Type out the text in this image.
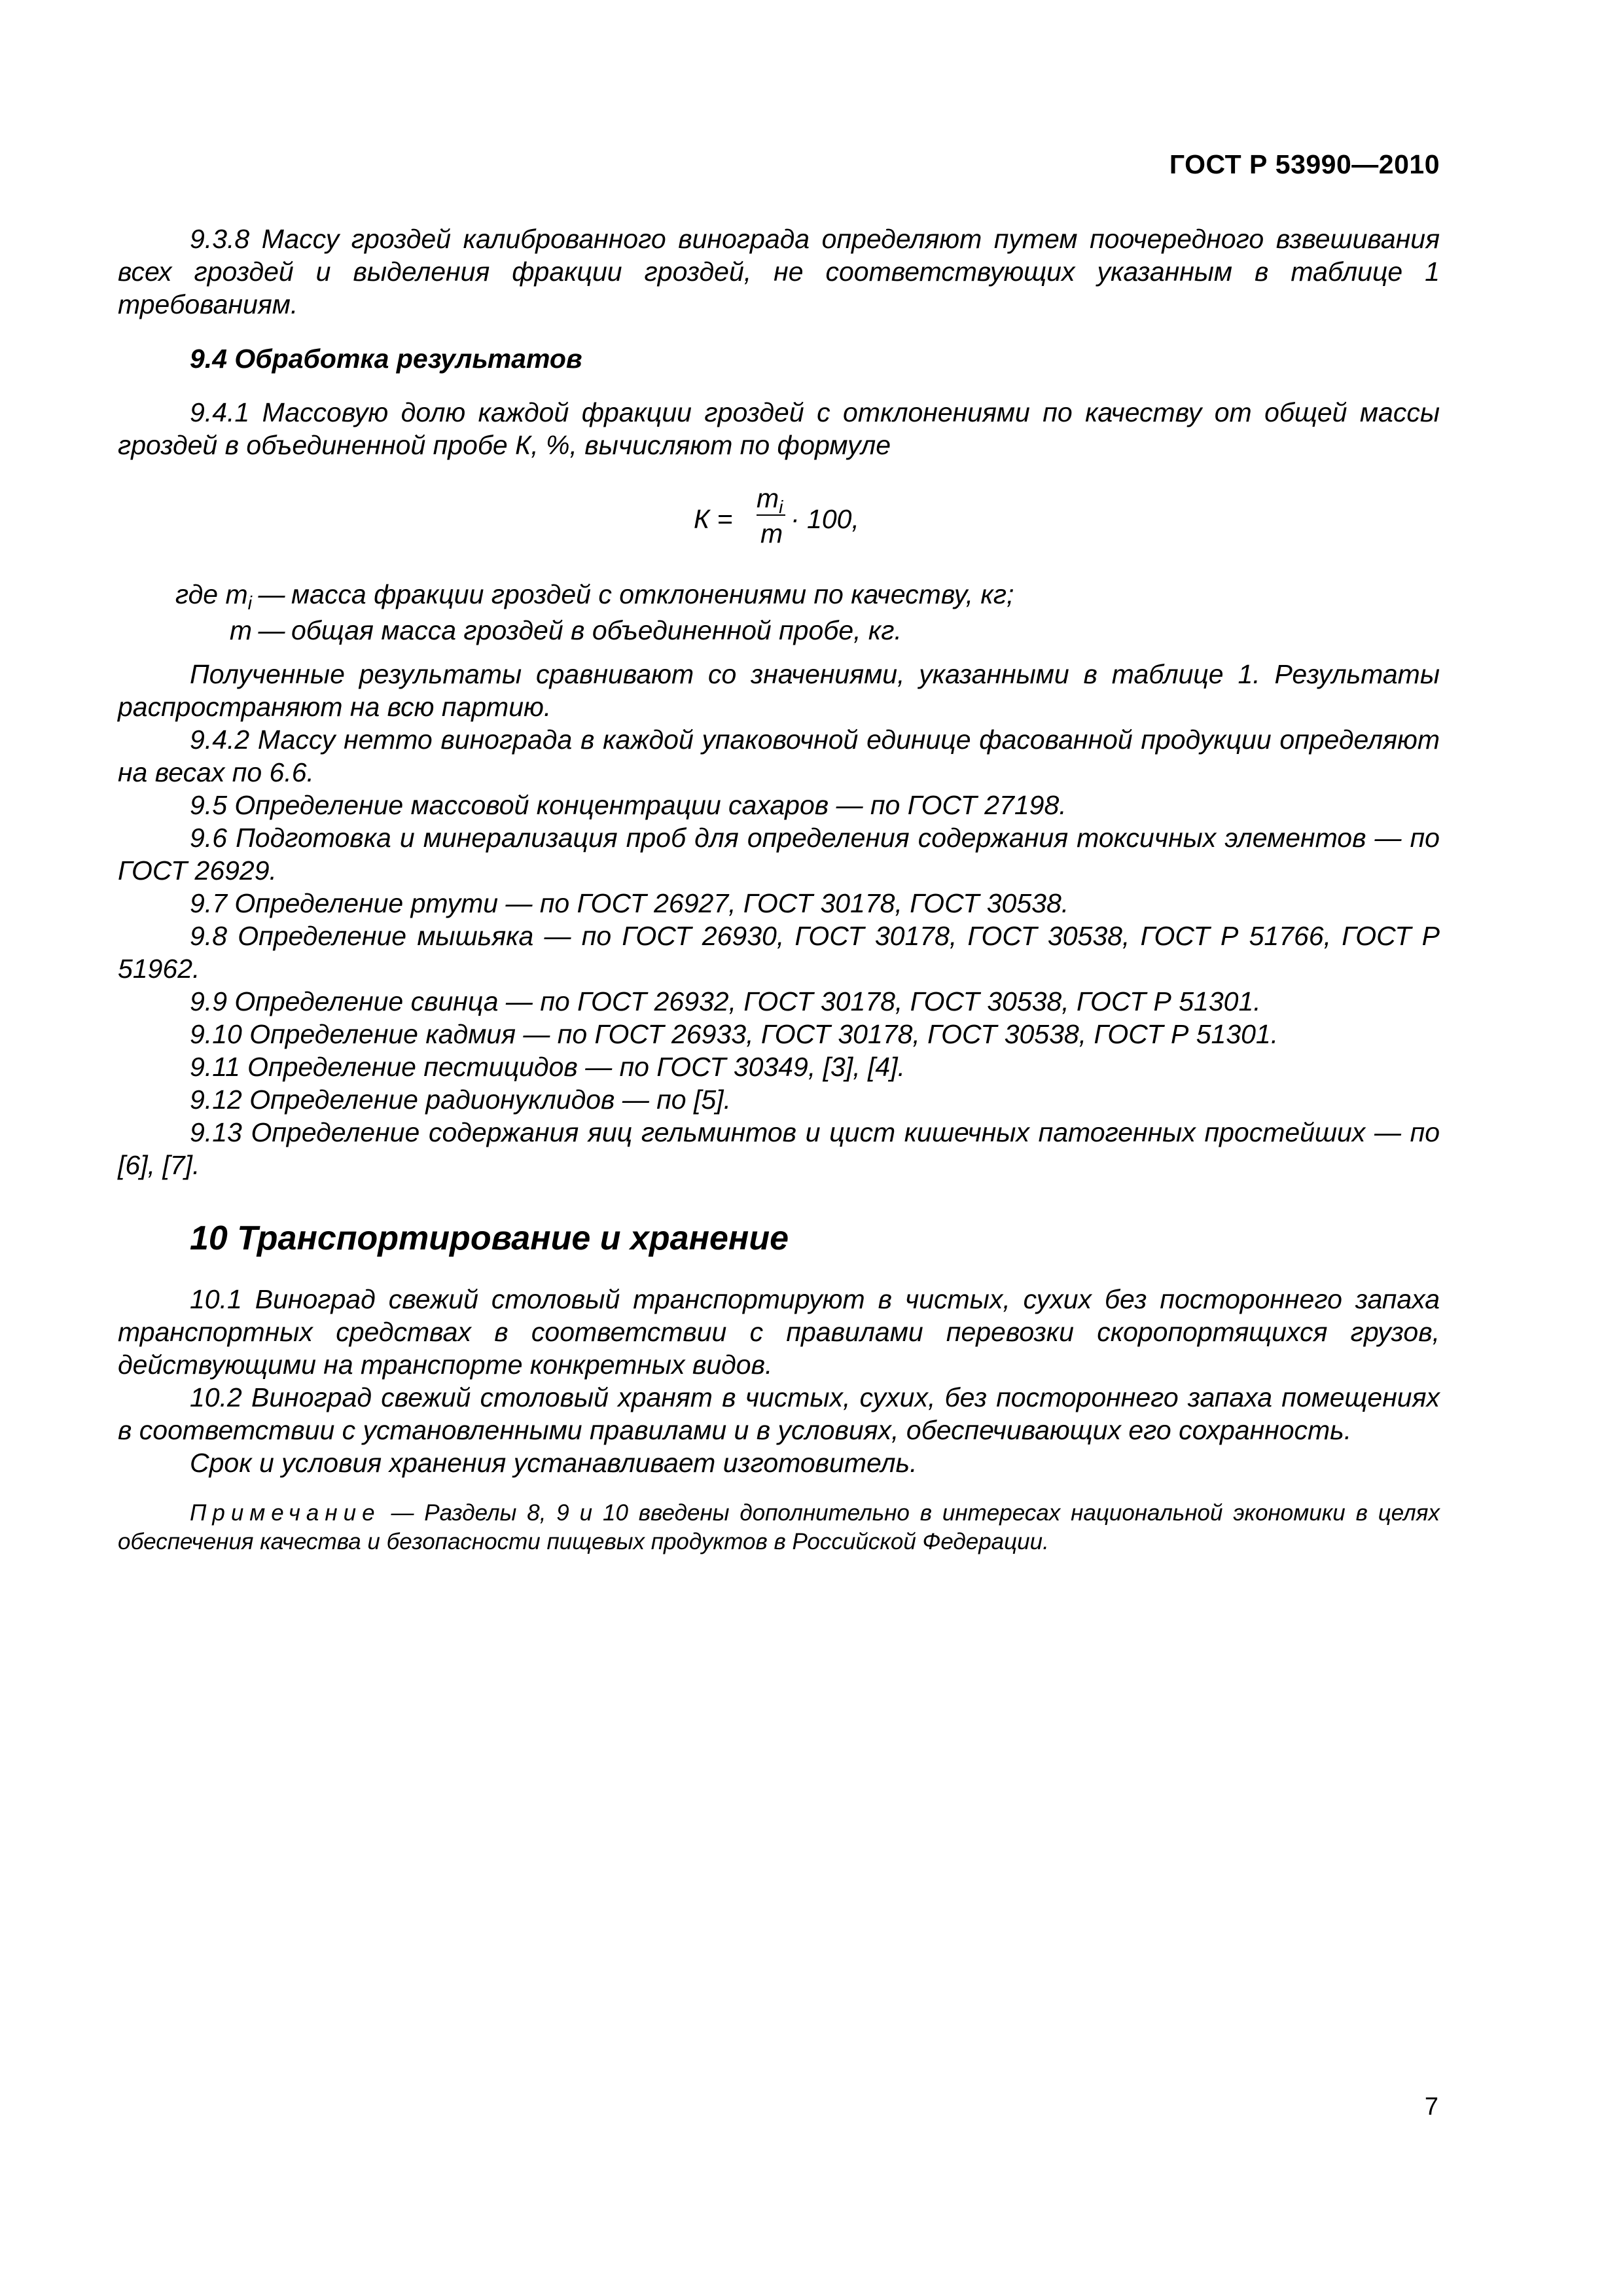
ГОСТ Р 53990—2010

9.3.8 Массу гроздей калиброванного винограда определяют путем поочередного взвешивания всех гроздей и выделения фракции гроздей, не соответствующих указанным в таблице 1 требованиям.

9.4 Обработка результатов

9.4.1 Массовую долю каждой фракции гроздей с отклонениями по качеству от общей массы гроздей в объединенной пробе К, %, вычисляют по формуле

К =
$m_i$
m · 100,
где $m_i$ — масса фракции гроздей с отклонениями по качеству, кг;
m — общая масса гроздей в объединенной пробе, кг.

Полученные результаты сравнивают со значениями, указанными в таблице 1. Результаты распространяют на всю партию.

9.4.2 Массу нетто винограда в каждой упаковочной единице фасованной продукции определяют на весах по 6.6.

9.5 Определение массовой концентрации сахаров — по ГОСТ 27198.

9.6 Подготовка и минерализация проб для определения содержания токсичных элементов — по ГОСТ 26929.

9.7 Определение ртути — по ГОСТ 26927, ГОСТ 30178, ГОСТ 30538.

9.8 Определение мышьяка — по ГОСТ 26930, ГОСТ 30178, ГОСТ 30538, ГОСТ Р 51766, ГОСТ Р 51962.

9.9 Определение свинца — по ГОСТ 26932, ГОСТ 30178, ГОСТ 30538, ГОСТ Р 51301.

9.10 Определение кадмия — по ГОСТ 26933, ГОСТ 30178, ГОСТ 30538, ГОСТ Р 51301.

9.11 Определение пестицидов — по ГОСТ 30349, [3], [4].

9.12 Определение радионуклидов — по [5].

9.13 Определение содержания яиц гельминтов и цист кишечных патогенных простейших — по [6], [7].

10 Транспортирование и хранение

10.1 Виноград свежий столовый транспортируют в чистых, сухих без постороннего запаха транспортных средствах в соответствии с правилами перевозки скоропортящихся грузов, действующими на транспорте конкретных видов.

10.2 Виноград свежий столовый хранят в чистых, сухих, без постороннего запаха помещениях в соответствии с установленными правилами и в условиях, обеспечивающих его сохранность.

Срок и условия хранения устанавливает изготовитель.

Примечание — Разделы 8, 9 и 10 введены дополнительно в интересах национальной экономики в целях обеспечения качества и безопасности пищевых продуктов в Российской Федерации.

7
